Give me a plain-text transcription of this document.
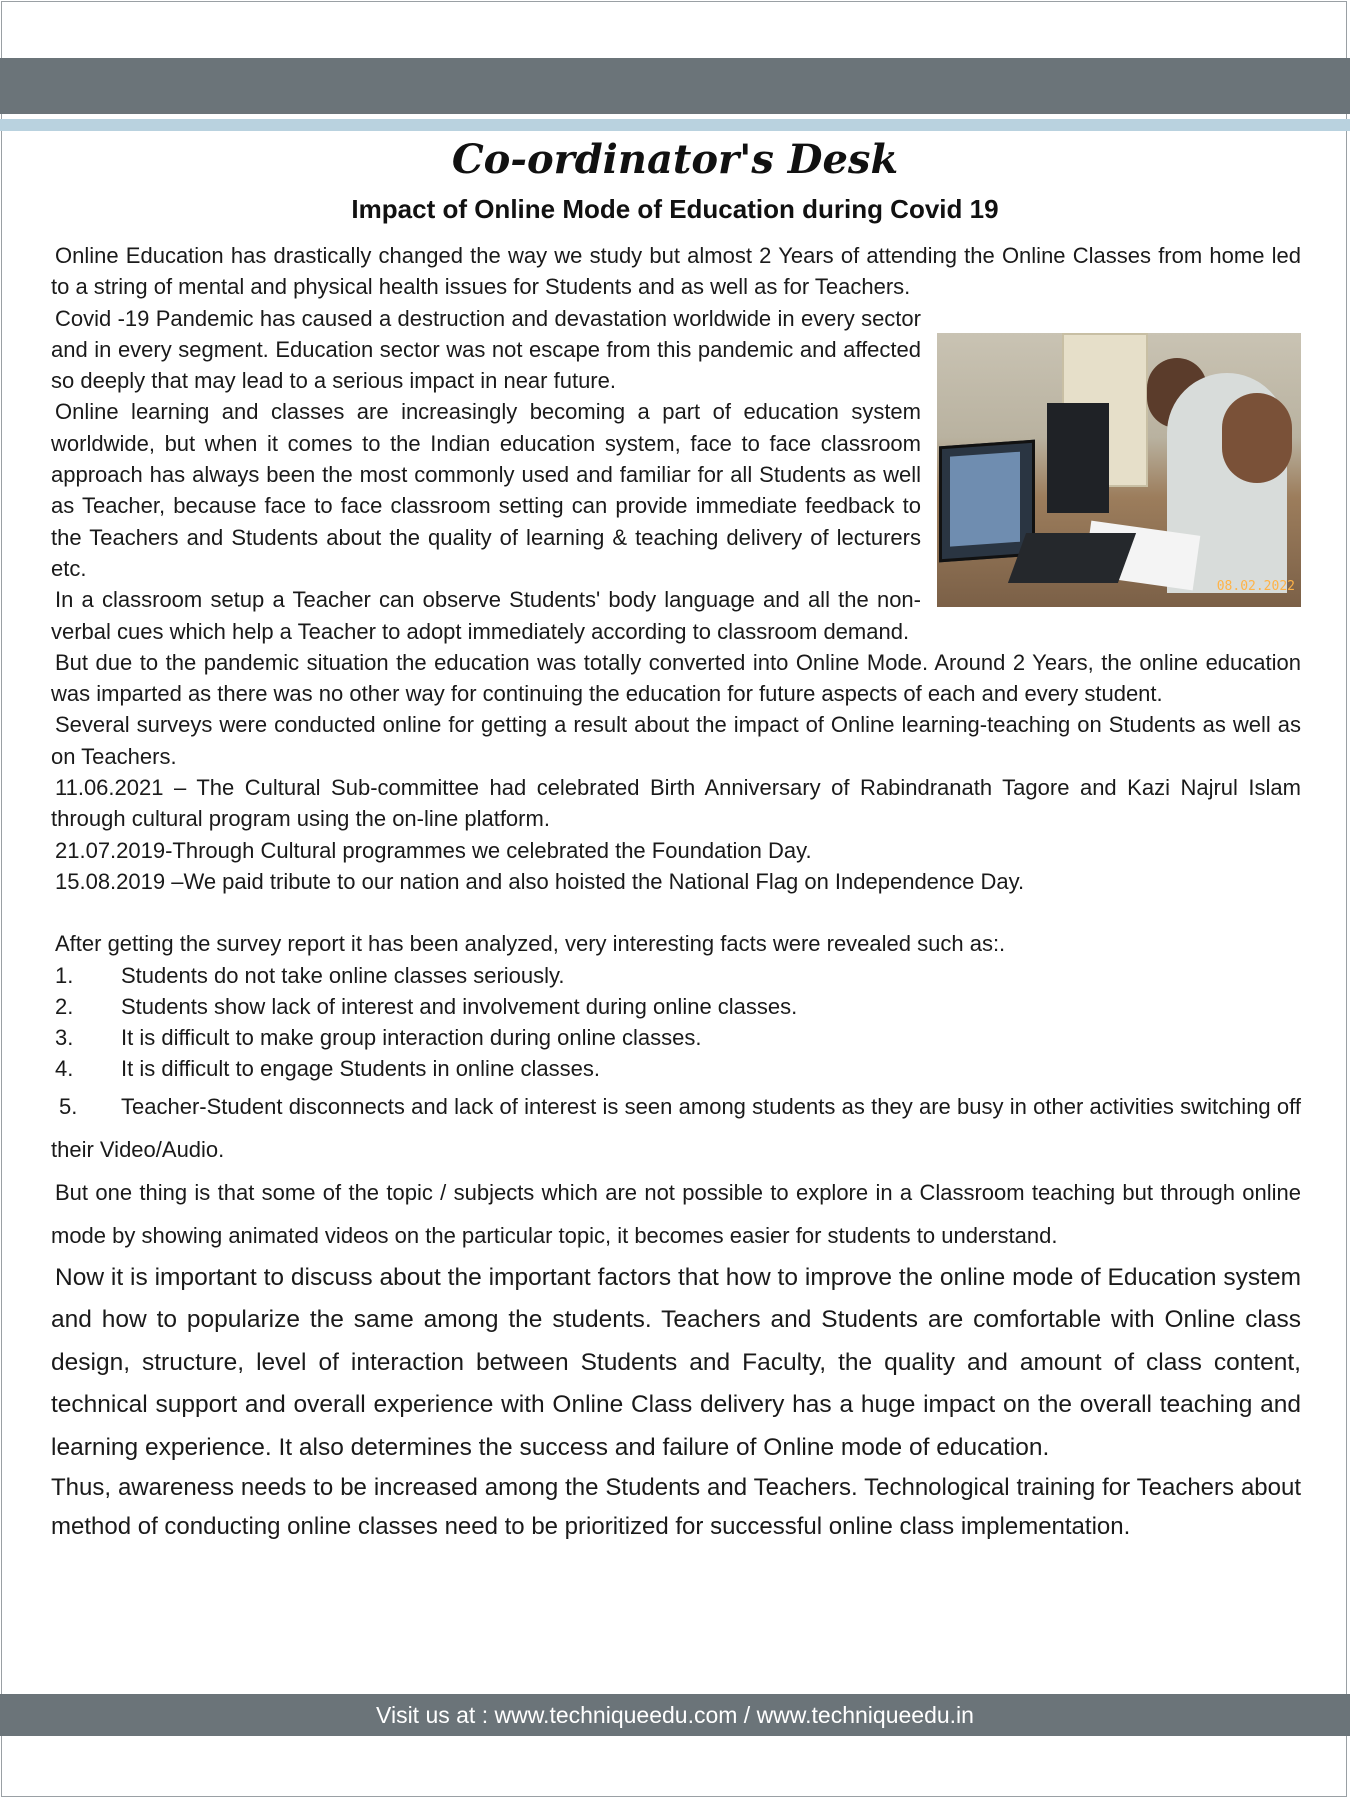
Co-ordinator's Desk
Impact of Online Mode of Education during Covid 19

Online Education has drastically changed the way we study but almost 2 Years of attending the Online Classes from home led to a string of mental and physical health issues for Students and as well as for Teachers.

08.02.2022

Covid -19 Pandemic has caused a destruction and devastation worldwide in every sector and in every segment. Education sector was not escape from this pandemic and affected so deeply that may lead to a serious impact in near future.

Online learning and classes are increasingly becoming a part of education system worldwide, but when it comes to the Indian education system, face to face classroom approach has always been the most commonly used and familiar for all Students as well as Teacher, because face to face classroom setting can provide immediate feedback to the Teachers and Students about the quality of learning & teaching delivery of lecturers etc.

In a classroom setup a Teacher can observe Students' body language and all the non-verbal cues which help a Teacher to adopt immediately according to classroom demand.

But due to the pandemic situation the education was totally converted into Online Mode. Around 2 Years, the online education was imparted as there was no other way for continuing the education for future aspects of each and every student.

Several surveys were conducted online for getting a result about the impact of Online learning-teaching on Students as well as on Teachers.

11.06.2021 – The Cultural Sub-committee had celebrated Birth Anniversary of Rabindranath Tagore and Kazi Najrul Islam through cultural program using the on-line platform.

21.07.2019-Through Cultural programmes we celebrated the Foundation Day.

15.08.2019 –We paid tribute to our nation and also hoisted the National Flag on Independence Day.

After getting the survey report it has been analyzed, very interesting facts were revealed such as:.

1.	Students do not take online classes seriously.
2.	Students show lack of interest and involvement during online classes.
3.	It is difficult to make group interaction during online classes.
4.	It is difficult to engage Students in online classes.

5. Teacher-Student disconnects and lack of interest is seen among students as they are busy in other activities switching off their Video/Audio.

But one thing is that some of the topic / subjects which are not possible to explore in a Classroom teaching but through online mode by showing animated videos on the particular topic, it becomes easier for students to understand.

Now it is important to discuss about the important factors that how to improve the online mode of Education system and how to popularize the same among the students. Teachers and Students are comfortable with Online class design, structure, level of interaction between Students and Faculty, the quality and amount of class content, technical support and overall experience with Online Class delivery has a huge impact on the overall teaching and learning experience. It also determines the success and failure of Online mode of education.

Thus, awareness needs to be increased among the Students and Teachers. Technological training for Teachers about method of conducting online classes need to be prioritized for successful online class implementation.

Visit us at : www.techniqueedu.com / www.techniqueedu.in
